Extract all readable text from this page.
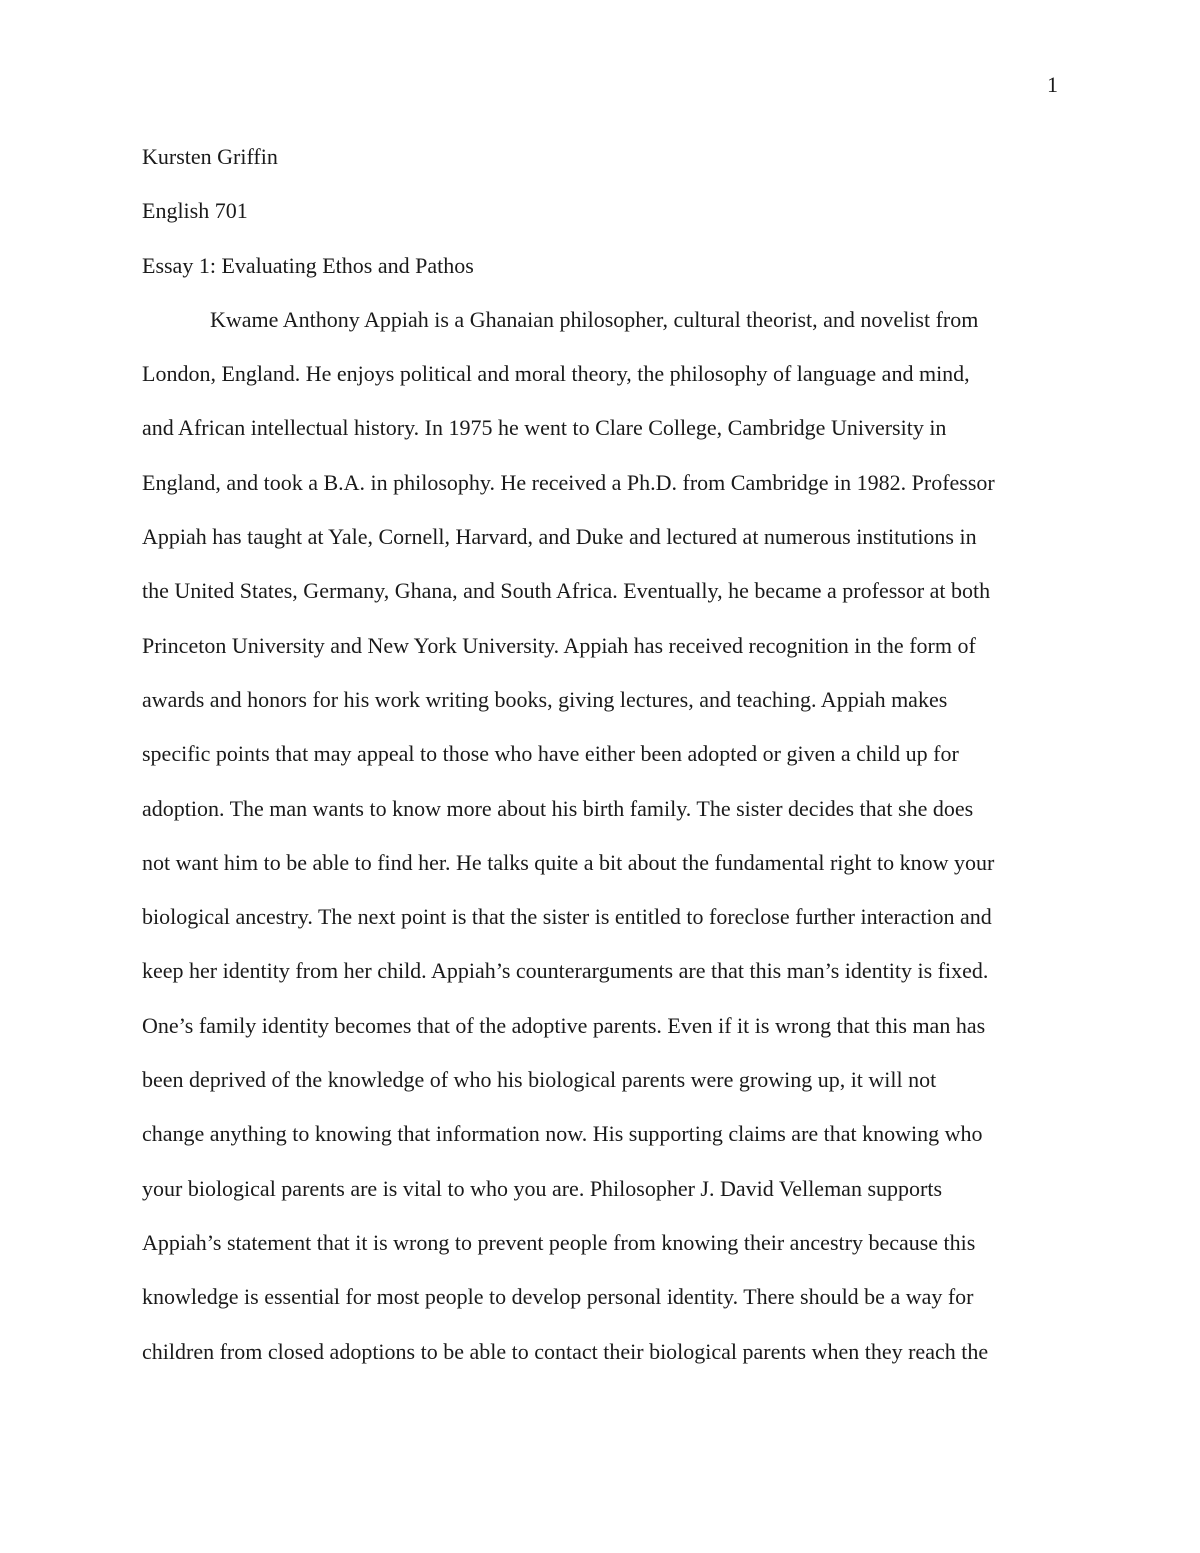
1
Kursten Griffin
English 701
Essay 1: Evaluating Ethos and Pathos
Kwame Anthony Appiah is a Ghanaian philosopher, cultural theorist, and novelist from
London, England. He enjoys political and moral theory, the philosophy of language and mind,
and African intellectual history. In 1975 he went to Clare College, Cambridge University in
England, and took a B.A. in philosophy. He received a Ph.D. from Cambridge in 1982. Professor
Appiah has taught at Yale, Cornell, Harvard, and Duke and lectured at numerous institutions in
the United States, Germany, Ghana, and South Africa. Eventually, he became a professor at both
Princeton University and New York University. Appiah has received recognition in the form of
awards and honors for his work writing books, giving lectures, and teaching. Appiah makes
specific points that may appeal to those who have either been adopted or given a child up for
adoption. The man wants to know more about his birth family. The sister decides that she does
not want him to be able to find her. He talks quite a bit about the fundamental right to know your
biological ancestry. The next point is that the sister is entitled to foreclose further interaction and
keep her identity from her child. Appiah’s counterarguments are that this man’s identity is fixed.
One’s family identity becomes that of the adoptive parents. Even if it is wrong that this man has
been deprived of the knowledge of who his biological parents were growing up, it will not
change anything to knowing that information now. His supporting claims are that knowing who
your biological parents are is vital to who you are. Philosopher J. David Velleman supports
Appiah’s statement that it is wrong to prevent people from knowing their ancestry because this
knowledge is essential for most people to develop personal identity. There should be a way for
children from closed adoptions to be able to contact their biological parents when they reach the
